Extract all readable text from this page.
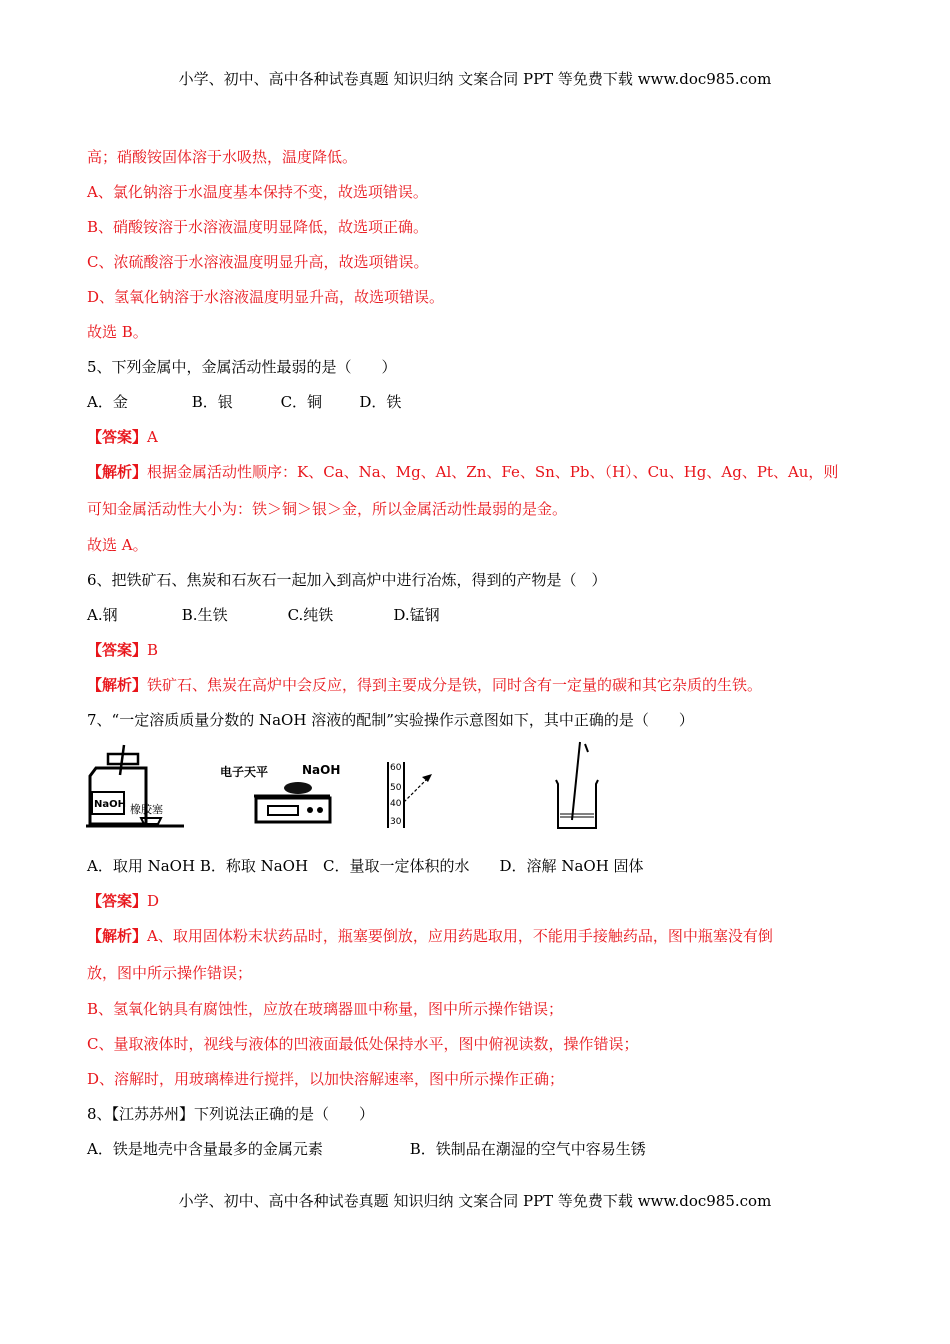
小学、初中、高中各种试卷真题 知识归纳 文案合同 PPT 等免费下载 www.doc985.com
高；硝酸铵固体溶于水吸热，温度降低。
A、氯化钠溶于水温度基本保持不变，故选项错误。
B、硝酸铵溶于水溶液温度明显降低，故选项正确。
C、浓硫酸溶于水溶液温度明显升高，故选项错误。
D、氢氧化钠溶于水溶液温度明显升高，故选项错误。
故选 B。
5、下列金属中，金属活动性最弱的是（　　）
A．金	B．银	C．铜 D．铁
【答案】A
【解析】根据金属活动性顺序：K、Ca、Na、Mg、Al、Zn、Fe、Sn、Pb、（H）、Cu、Hg、Ag、Pt、Au，则
可知金属活动性大小为：铁＞铜＞银＞金，所以金属活动性最弱的是金。
故选 A。
6、把铁矿石、焦炭和石灰石一起加入到高炉中进行冶炼，得到的产物是（　）
A.钢	B.生铁	C.纯铁	D.锰钢
【答案】B
【解析】铁矿石、焦炭在高炉中会反应，得到主要成分是铁，同时含有一定量的碳和其它杂质的生铁。
7、“一定溶质质量分数的 NaOH 溶液的配制”实验操作示意图如下，其中正确的是（　　）
NaOH 橡胶塞
电子天平	NaOH	60
50
40
30
A．取用 NaOH B．称取 NaOH　C．量取一定体积的水　　D．溶解 NaOH 固体
【答案】D
【解析】A、取用固体粉末状药品时，瓶塞要倒放，应用药匙取用，不能用手接触药品，图中瓶塞没有倒
放，图中所示操作错误；
B、氢氧化钠具有腐蚀性，应放在玻璃器皿中称量，图中所示操作错误；
C、量取液体时，视线与液体的凹液面最低处保持水平，图中俯视读数，操作错误；
D、溶解时，用玻璃棒进行搅拌，以加快溶解速率，图中所示操作正确；
8、【江苏苏州】下列说法正确的是（　　）
A．铁是地壳中含量最多的金属元素	B．铁制品在潮湿的空气中容易生锈
小学、初中、高中各种试卷真题 知识归纳 文案合同 PPT 等免费下载 www.doc985.com
